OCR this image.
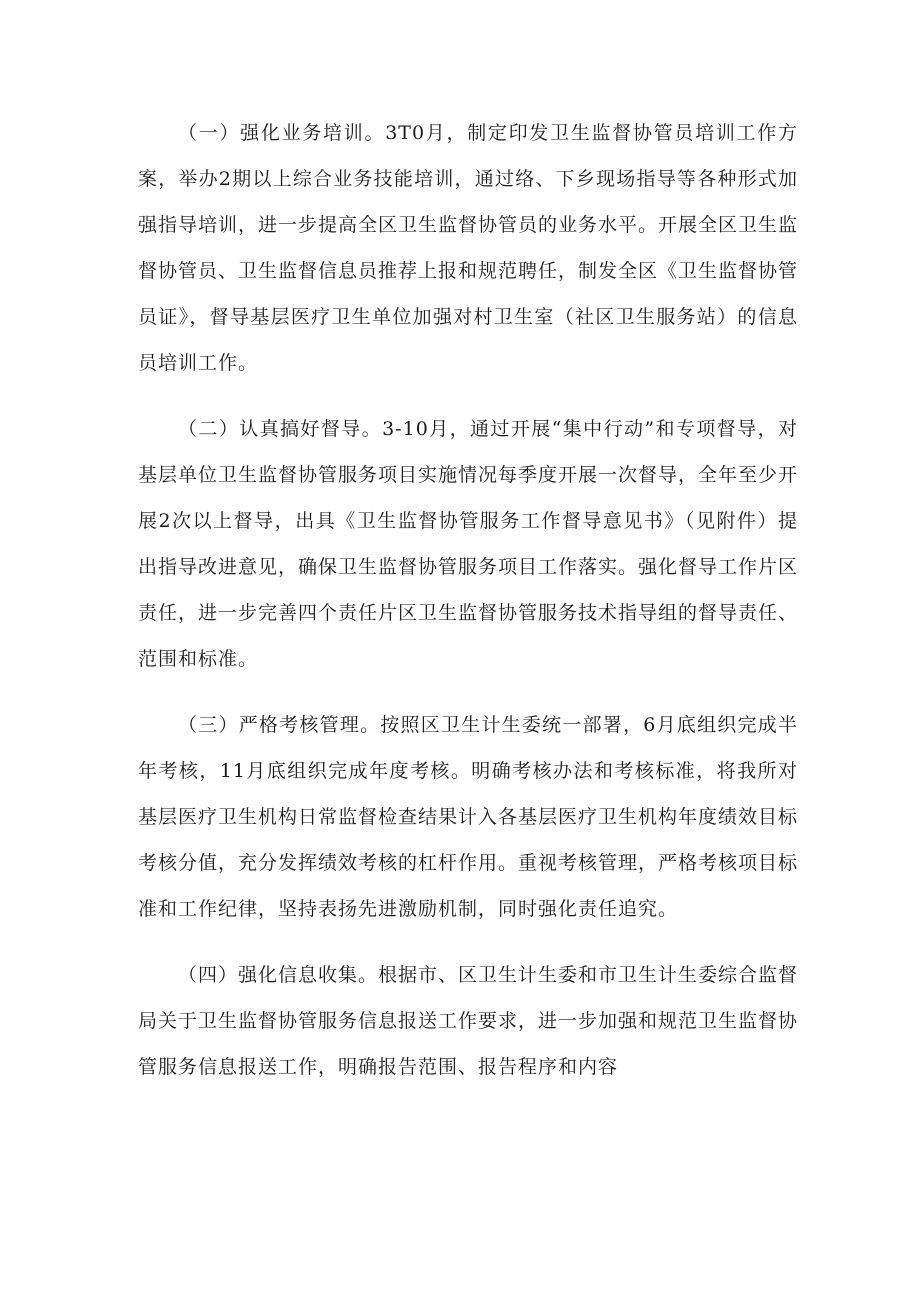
（一）强化业务培训。3T0月，制定印发卫生监督协管员培训工作方案，举办2期以上综合业务技能培训，通过络、下乡现场指导等各种形式加强指导培训，进一步提高全区卫生监督协管员的业务水平。开展全区卫生监督协管员、卫生监督信息员推荐上报和规范聘任，制发全区《卫生监督协管员证》，督导基层医疗卫生单位加强对村卫生室（社区卫生服务站）的信息员培训工作。

（二）认真搞好督导。3-10月，通过开展“集中行动”和专项督导，对基层单位卫生监督协管服务项目实施情况每季度开展一次督导，全年至少开展2次以上督导，出具《卫生监督协管服务工作督导意见书》（见附件）提出指导改进意见，确保卫生监督协管服务项目工作落实。强化督导工作片区责任，进一步完善四个责任片区卫生监督协管服务技术指导组的督导责任、范围和标准。

（三）严格考核管理。按照区卫生计生委统一部署，6月底组织完成半年考核，11月底组织完成年度考核。明确考核办法和考核标准，将我所对基层医疗卫生机构日常监督检查结果计入各基层医疗卫生机构年度绩效目标考核分值，充分发挥绩效考核的杠杆作用。重视考核管理，严格考核项目标准和工作纪律，坚持表扬先进激励机制，同时强化责任追究。

（四）强化信息收集。根据市、区卫生计生委和市卫生计生委综合监督局关于卫生监督协管服务信息报送工作要求，进一步加强和规范卫生监督协管服务信息报送工作，明确报告范围、报告程序和内容
